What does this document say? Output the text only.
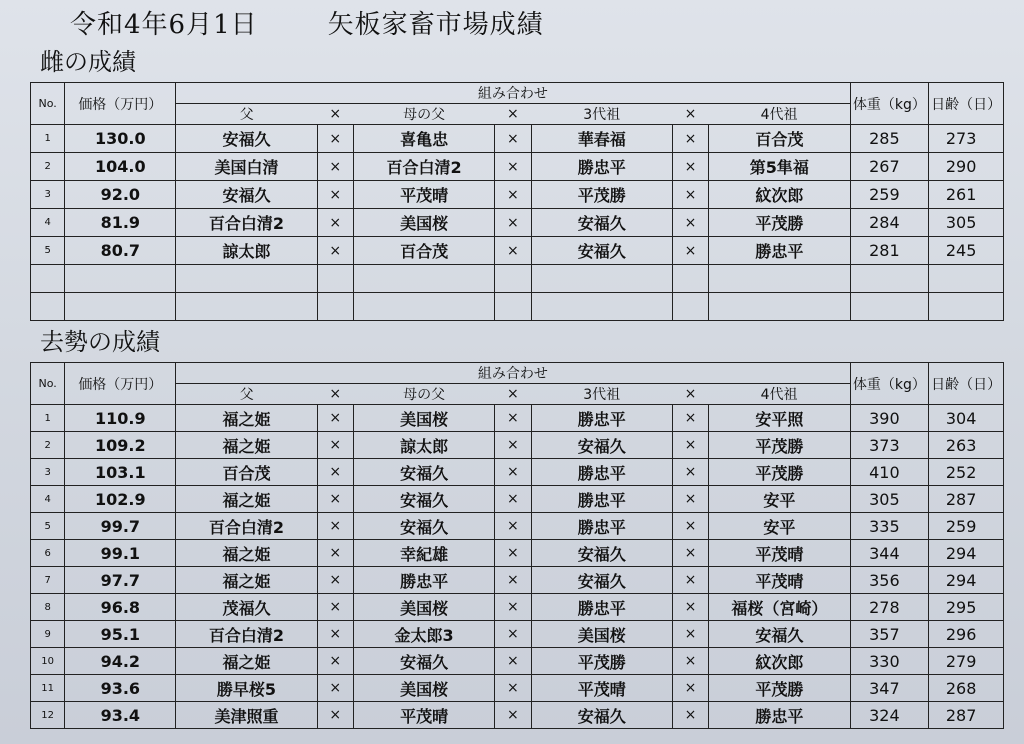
令和4年6月1日	矢板家畜市場成績
雌の成績
No.	価格（万円）	組み合わせ							体重（kg）	日齢（日）
		父	×	母の父	×	3代祖	×	4代祖		
1	130.0	安福久	×	喜亀忠	×	華春福	×	百合茂	285	273
2	104.0	美国白清	×	百合白清2	×	勝忠平	×	第5隼福	267	290
3	92.0	安福久	×	平茂晴	×	平茂勝	×	紋次郎	259	261
4	81.9	百合白清2	×	美国桜	×	安福久	×	平茂勝	284	305
5	80.7	諒太郎	×	百合茂	×	安福久	×	勝忠平	281	245

去勢の成績
No.	価格（万円）	組み合わせ							体重（kg）	日齢（日）
		父	×	母の父	×	3代祖	×	4代祖		
1	110.9	福之姫	×	美国桜	×	勝忠平	×	安平照	390	304
2	109.2	福之姫	×	諒太郎	×	安福久	×	平茂勝	373	263
3	103.1	百合茂	×	安福久	×	勝忠平	×	平茂勝	410	252
4	102.9	福之姫	×	安福久	×	勝忠平	×	安平	305	287
5	99.7	百合白清2	×	安福久	×	勝忠平	×	安平	335	259
6	99.1	福之姫	×	幸紀雄	×	安福久	×	平茂晴	344	294
7	97.7	福之姫	×	勝忠平	×	安福久	×	平茂晴	356	294
8	96.8	茂福久	×	美国桜	×	勝忠平	×	福桜（宮崎）	278	295
9	95.1	百合白清2	×	金太郎3	×	美国桜	×	安福久	357	296
10	94.2	福之姫	×	安福久	×	平茂勝	×	紋次郎	330	279
11	93.6	勝早桜5	×	美国桜	×	平茂晴	×	平茂勝	347	268
12	93.4	美津照重	×	平茂晴	×	安福久	×	勝忠平	324	287
